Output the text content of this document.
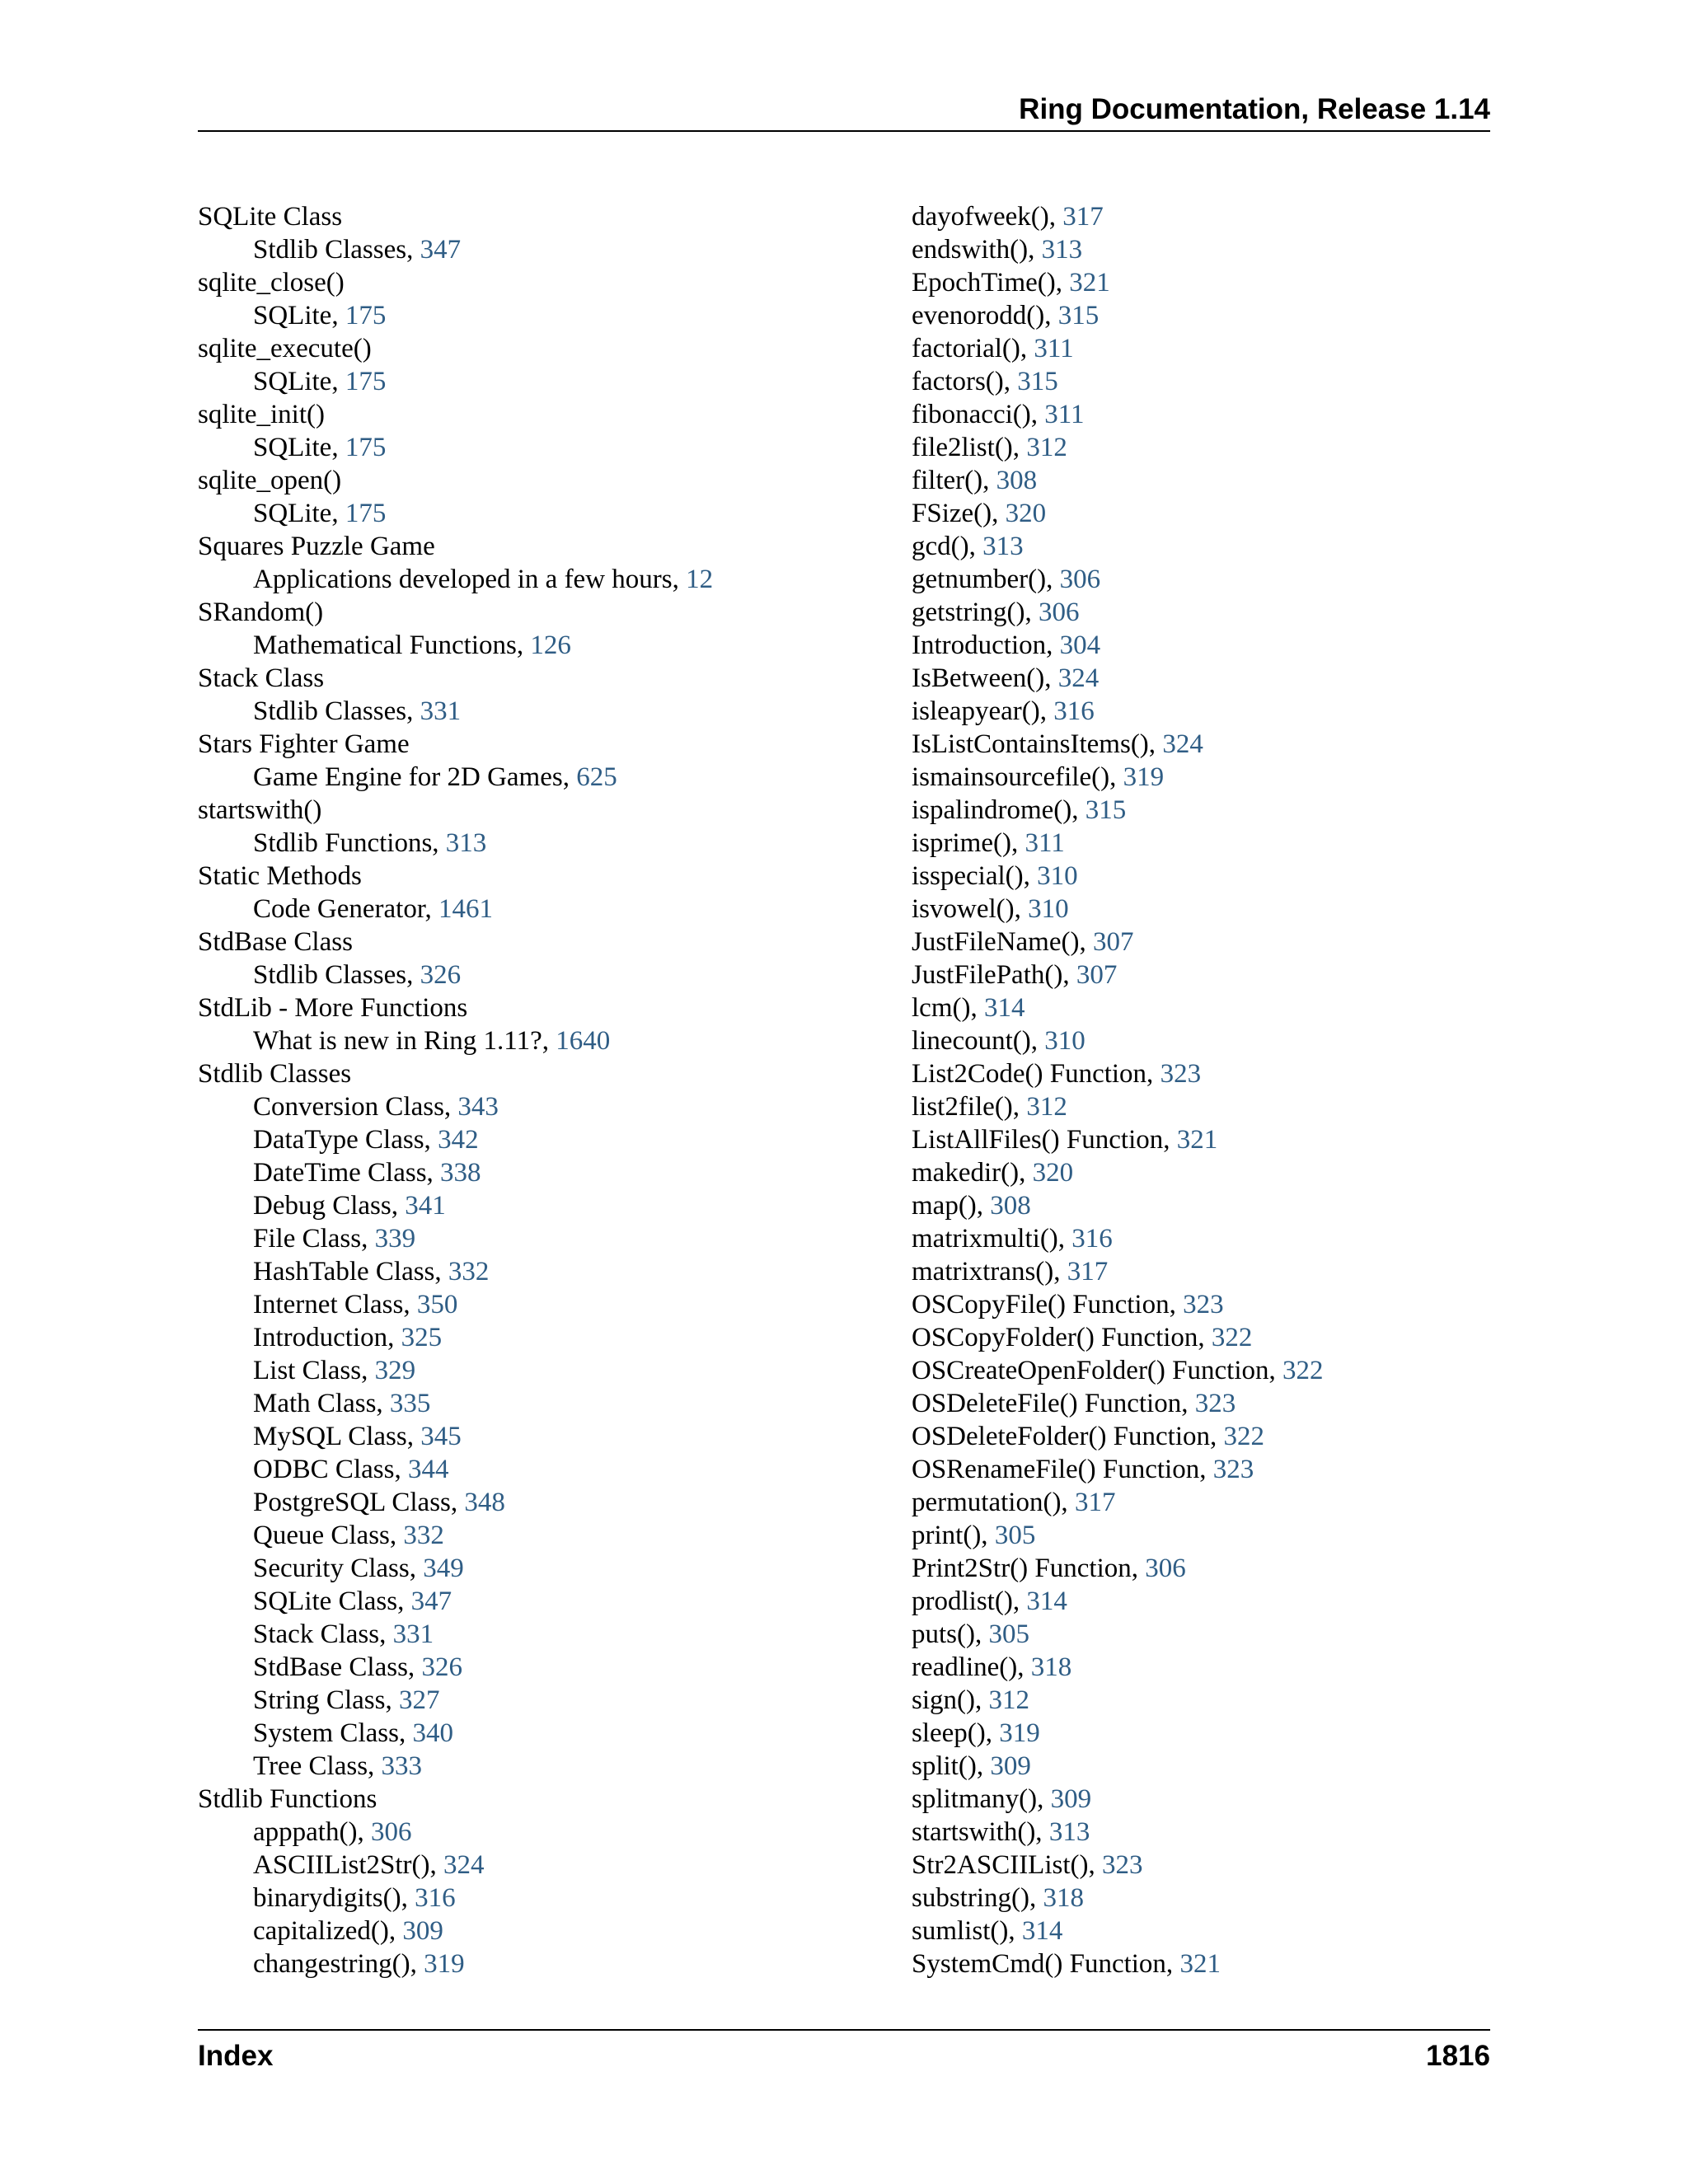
Ring Documentation, Release 1.14
SQLite Class
Stdlib Classes, 347
sqlite_close()
SQLite, 175
sqlite_execute()
SQLite, 175
sqlite_init()
SQLite, 175
sqlite_open()
SQLite, 175
Squares Puzzle Game
Applications developed in a few hours, 12
SRandom()
Mathematical Functions, 126
Stack Class
Stdlib Classes, 331
Stars Fighter Game
Game Engine for 2D Games, 625
startswith()
Stdlib Functions, 313
Static Methods
Code Generator, 1461
StdBase Class
Stdlib Classes, 326
StdLib - More Functions
What is new in Ring 1.11?, 1640
Stdlib Classes
Conversion Class, 343
DataType Class, 342
DateTime Class, 338
Debug Class, 341
File Class, 339
HashTable Class, 332
Internet Class, 350
Introduction, 325
List Class, 329
Math Class, 335
MySQL Class, 345
ODBC Class, 344
PostgreSQL Class, 348
Queue Class, 332
Security Class, 349
SQLite Class, 347
Stack Class, 331
StdBase Class, 326
String Class, 327
System Class, 340
Tree Class, 333
Stdlib Functions
apppath(), 306
ASCIIList2Str(), 324
binarydigits(), 316
capitalized(), 309
changestring(), 319
dayofweek(), 317
endswith(), 313
EpochTime(), 321
evenorodd(), 315
factorial(), 311
factors(), 315
fibonacci(), 311
file2list(), 312
filter(), 308
FSize(), 320
gcd(), 313
getnumber(), 306
getstring(), 306
Introduction, 304
IsBetween(), 324
isleapyear(), 316
IsListContainsItems(), 324
ismainsourcefile(), 319
ispalindrome(), 315
isprime(), 311
isspecial(), 310
isvowel(), 310
JustFileName(), 307
JustFilePath(), 307
lcm(), 314
linecount(), 310
List2Code() Function, 323
list2file(), 312
ListAllFiles() Function, 321
makedir(), 320
map(), 308
matrixmulti(), 316
matrixtrans(), 317
OSCopyFile() Function, 323
OSCopyFolder() Function, 322
OSCreateOpenFolder() Function, 322
OSDeleteFile() Function, 323
OSDeleteFolder() Function, 322
OSRenameFile() Function, 323
permutation(), 317
print(), 305
Print2Str() Function, 306
prodlist(), 314
puts(), 305
readline(), 318
sign(), 312
sleep(), 319
split(), 309
splitmany(), 309
startswith(), 313
Str2ASCIIList(), 323
substring(), 318
sumlist(), 314
SystemCmd() Function, 321
Index	1816
